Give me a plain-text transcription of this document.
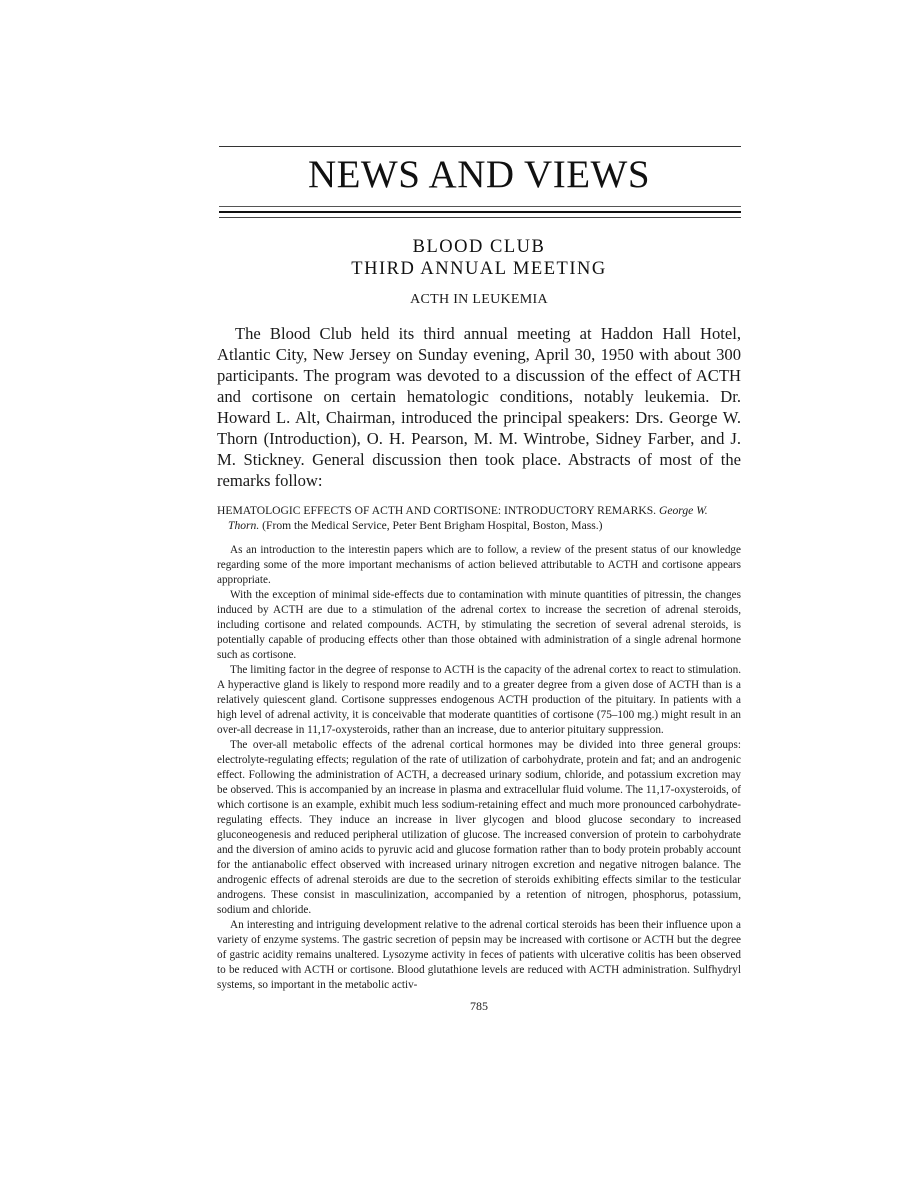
NEWS AND VIEWS
BLOOD CLUB
THIRD ANNUAL MEETING
ACTH IN LEUKEMIA

The Blood Club held its third annual meeting at Haddon Hall Hotel, Atlantic City, New Jersey on Sunday evening, April 30, 1950 with about 300 participants. The program was devoted to a discussion of the effect of ACTH and cortisone on certain hematologic conditions, notably leukemia. Dr. Howard L. Alt, Chairman, introduced the principal speakers: Drs. George W. Thorn (Introduction), O. H. Pearson, M. M. Wintrobe, Sidney Farber, and J. M. Stickney. General discussion then took place. Abstracts of most of the remarks follow:

HEMATOLOGIC EFFECTS OF ACTH AND CORTISONE: INTRODUCTORY REMARKS. George W. Thorn. (From the Medical Service, Peter Bent Brigham Hospital, Boston, Mass.)

As an introduction to the interestin papers which are to follow, a review of the present status of our knowledge regarding some of the more important mechanisms of action believed attributable to ACTH and cortisone appears appropriate.

With the exception of minimal side-effects due to contamination with minute quantities of pitressin, the changes induced by ACTH are due to a stimulation of the adrenal cortex to increase the secretion of adrenal steroids, including cortisone and related compounds. ACTH, by stimulating the secretion of several adrenal steroids, is potentially capable of producing effects other than those obtained with administration of a single adrenal hormone such as cortisone.

The limiting factor in the degree of response to ACTH is the capacity of the adrenal cortex to react to stimulation. A hyperactive gland is likely to respond more readily and to a greater degree from a given dose of ACTH than is a relatively quiescent gland. Cortisone suppresses endogenous ACTH production of the pituitary. In patients with a high level of adrenal activity, it is conceivable that moderate quantities of cortisone (75–100 mg.) might result in an over-all decrease in 11,17-oxysteroids, rather than an increase, due to anterior pituitary suppression.

The over-all metabolic effects of the adrenal cortical hormones may be divided into three general groups: electrolyte-regulating effects; regulation of the rate of utilization of carbohydrate, protein and fat; and an androgenic effect. Following the administration of ACTH, a decreased urinary sodium, chloride, and potassium excretion may be observed. This is accompanied by an increase in plasma and extracellular fluid volume. The 11,17-oxysteroids, of which cortisone is an example, exhibit much less sodium-retaining effect and much more pronounced carbohydrate-regulating effects. They induce an increase in liver glycogen and blood glucose secondary to increased gluconeogenesis and reduced peripheral utilization of glucose. The increased conversion of protein to carbohydrate and the diversion of amino acids to pyruvic acid and glucose formation rather than to body protein probably account for the antianabolic effect observed with increased urinary nitrogen excretion and negative nitrogen balance. The androgenic effects of adrenal steroids are due to the secretion of steroids exhibiting effects similar to the testicular androgens. These consist in masculinization, accompanied by a retention of nitrogen, phosphorus, potassium, sodium and chloride.

An interesting and intriguing development relative to the adrenal cortical steroids has been their influence upon a variety of enzyme systems. The gastric secretion of pepsin may be increased with cortisone or ACTH but the degree of gastric acidity remains unaltered. Lysozyme activity in feces of patients with ulcerative colitis has been observed to be reduced with ACTH or cortisone. Blood glutathione levels are reduced with ACTH administration. Sulfhydryl systems, so important in the metabolic activ-

785
